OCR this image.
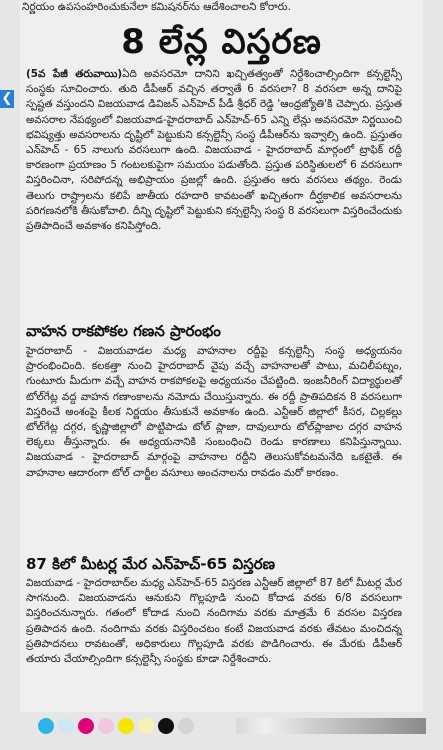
❮
నిర్ణయం ఉపసంహరించుకునేలా కమిషనర్‌ను ఆదేశించాలని కోరారు.
8 లేన్ల విస్తరణ

(5వ పేజీ తరువాయి)ఏది అవసరమో దానిని ఖచ్చితత్వంతో నిర్దేశించాల్సిందిగా కన్సల్టెన్సీ సంస్థకు సూచించారు. తుది డీపీఆర్ వచ్చిన తర్వాతే 6 వరసలా? 8 వరసలా అన్న దానిపై స్పష్టత వస్తుందని విజయవాడ డివిజన్ ఎన్‌హెచ్ పీడీ శ్రీధర్ రెడ్డి 'ఆంధ్రజ్యోతి'కి చెప్పారు. ప్రస్తుత అవసరాల నేపథ్యంలో విజయవాడ-హైదరాబాద్ ఎన్‌హెచ్-65 ఎన్ని లేన్లు అవసరమో నిర్ణయించి భవిష్యత్తు అవసరాలను దృష్టిలో పెట్టుకుని కన్సల్టెన్సీ సంస్థ డీపీఆర్‌ను ఇవ్వాల్సి ఉంది. ప్రస్తుతం ఎన్‌హెచ్ - 65 నాలుగు వరసలుగా ఉంది. విజయవాడ - హైదరాబాద్ మార్గంలో ట్రాఫిక్ రద్దీ కారణంగా ప్రయాణం 5 గంటలకుపైగా సమయం పడుతోంది. ప్రస్తుత పరిస్థితులలో 6 వరసలుగా విస్తరించినా, సరిపోదన్న అభిప్రాయం ప్రజల్లో ఉంది. ప్రస్తుతం ఆరు వరసలు తథ్యం. రెండు తెలుగు రాష్ట్రాలను కలిపే జాతీయ రహదారి కావటంతో ఖచ్చితంగా దీర్ఘకాలిక అవసరాలను పరిగణనలోకి తీసుకోవాలి. దీన్ని దృష్టిలో పెట్టుకుని కన్సల్టెన్సీ సంస్థ 8 వరసలుగా విస్తరించేందుకు ప్రతిపాదించే అవకాశం కనిపిస్తోంది.

వాహన రాకపోకల గణన ప్రారంభం

హైదరాబాద్ - విజయవాడల మధ్య వాహనాల రద్దీపై కన్సల్టెన్సీ సంస్థ అధ్యయనం ప్రారంభించింది. కలకత్తా నుంచి హైదరాబాద్ వైపు వచ్చే వాహనాలతో పాటు, మచిలీపట్నం, గుంటూరు మీదుగా వచ్చే వాహన రాకపోకలపై అధ్యయనం చేపట్టింది. ఇంజనీరింగ్ విద్యార్థులతో టోల్‌గేట్ల వద్ద వాహన గణాంకాలను నమోదు చేయిస్తున్నారు. ఈ రద్దీ ప్రాతిపదికన 8 వరసలుగా విస్తరించే అంశంపై కీలక నిర్ణయం తీసుకునే అవకాశం ఉంది. ఎన్టీఆర్ జిల్లాలో కీసర, చిల్లకల్లు టోల్‌గేట్ల దగ్గర, కృష్ణాజిల్లాలో పొట్టిపాడు టోల్ ప్లాజా, దావులూరు టోల్‌ప్లాజాల దగ్గర వాహన లెక్కలు తీస్తున్నారు. ఈ అధ్యయనానికి సంబంధించి రెండు కారణాలు కనిపిస్తున్నాయి. విజయవాడ - హైదరాబాద్ మార్గంపై వాహనాల రద్దీని తెలుసుకోవటమనేది ఒకటైతే. ఈ వాహనాల ఆదారంగా టోల్ చార్జీల వసూలు అంచనాలను రావడం మరో కారణం.

87 కిలో మీటర్ల మేర ఎన్‌హెచ్-65 విస్తరణ

విజయవాడ - హైదరాబాద్‌ల మధ్య ఎన్‌హెచ్-65 విస్తరణ ఎన్టీఆర్ జిల్లాలో 87 కిలో మీటర్ల మేర సాగనుంది. విజయవాడను ఆనుకుని గొల్లపూడి నుంచి కోదాడ వరకు 6/8 వరసలుగా విస్తరించనున్నారు. గతంలో కోదాడ నుంచి నందిగామ వరకు మాత్రమే 6 వరసల విస్తరణ ప్రతిపాదన ఉంది. నందిగామ వరకు విస్తరించటం కంటే విజయవాడ వరకు తేవటం మంచిదన్న ప్రతిపాదనలు రావటంతో, అధికారులు గొల్లపూడి వరకు పొడిగించారు. ఈ మేరకు డీపీఆర్ తయారు చేయాల్సిందిగా కన్సల్టెన్సీ సంస్థకు కూడా నిర్దేశించారు.
